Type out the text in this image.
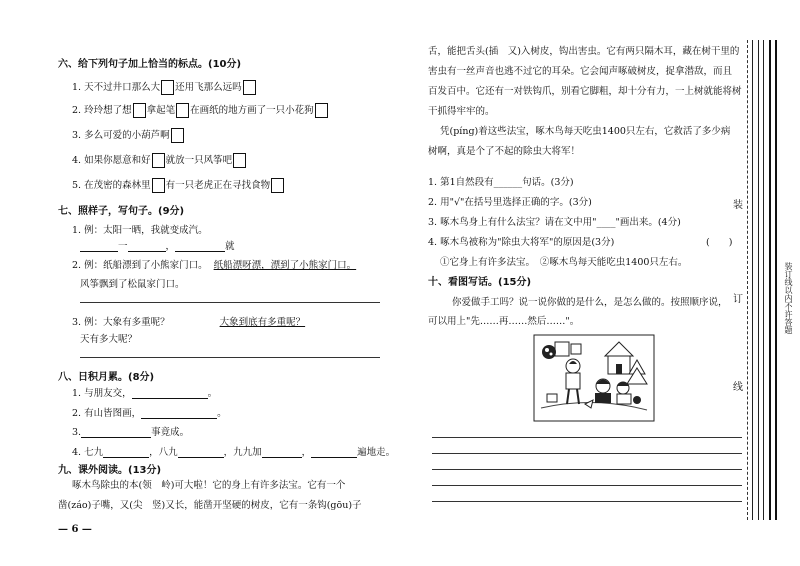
六、给下列句子加上恰当的标点。(10分)
1. 天不过井口那么大 还用飞那么远吗
2. 玲玲想了想 拿起笔 在画纸的地方画了一只小花狗
3. 多么可爱的小葫芦啊
4. 如果你愿意和好 就放一只风筝吧
5. 在茂密的森林里 有一只老虎正在寻找食物
七、照样子，写句子。(9分)
1. 例：太阳一晒，我就变成汽。
一	，	就
2. 例：纸船漂到了小熊家门口。 纸船漂呀漂，漂到了小熊家门口。
风筝飘到了松鼠家门口。
3. 例：大象有多重呢？	大象到底有多重呢？
天有多大呢？
八、日积月累。(8分)
1. 与朋友交，	。
2. 有山皆图画，	。
3.	事竟成。
4. 七九	，八九	，九九加	，	遍地走。
九、课外阅读。(13分)
啄木鸟除虫的本(领　岭)可大啦！它的身上有许多法宝。它有一个
凿(záo)子嘴，又(尖　竖)又长，能凿开坚硬的树皮，它有一条钩(gōu)子
— 6 —
舌，能把舌头(插　又)入树皮，钩出害虫。它有两只隔木耳，藏在树干里的
害虫有一丝声音也逃不过它的耳朵。它会闻声啄破树皮，捉拿潜敌，而且
百发百中。它还有一对铁钩爪，别看它脚粗，却十分有力，一上树就能将树
干抓得牢牢的。
凭(píng)着这些法宝，啄木鸟每天吃虫1400只左右，它救活了多少病
树啊，真是个了不起的除虫大将军！
1. 第1自然段有______句话。(3分)
2. 用"√"在括号里选择正确的字。(3分)
3. 啄木鸟身上有什么法宝？请在文中用"____"画出来。(4分)
4. 啄木鸟被称为"除虫大将军"的原因是(3分)	(　　)
①它身上有许多法宝。　②啄木鸟每天能吃虫1400只左右。
十、看图写话。(15分)
你爱做手工吗？说一说你做的是什么，是怎么做的。按照顺序说，
可以用上"先……再……然后……"。
装
订
线
装订线以内不许答题
